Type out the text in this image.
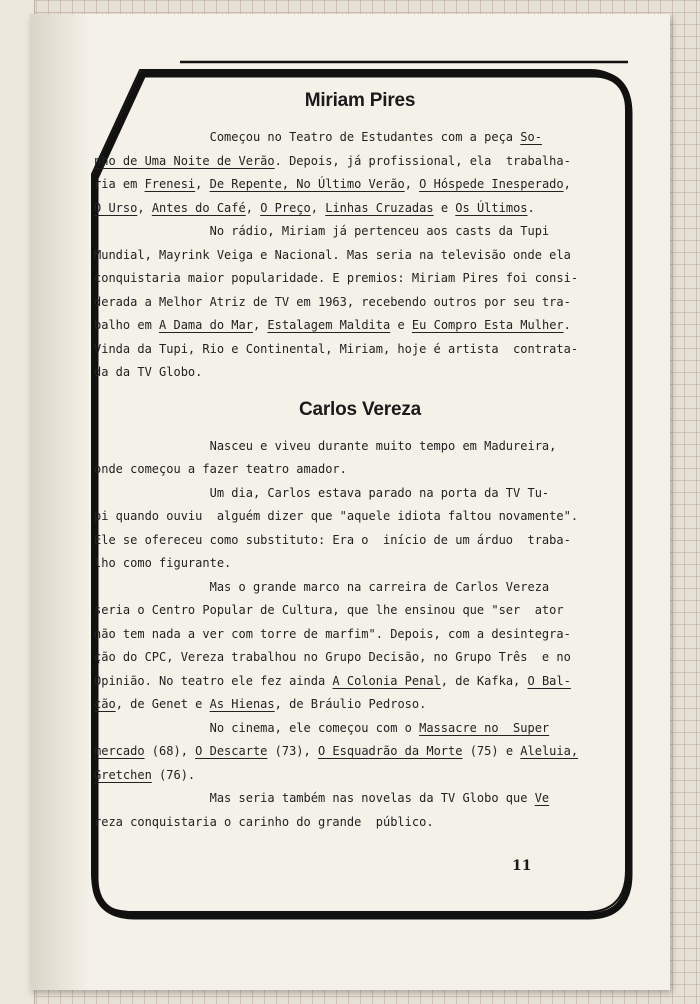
Miriam Pires
Começou no Teatro de Estudantes com a peça So-
nho de Uma Noite de Verão. Depois, já profissional, ela  trabalha-
ria em Frenesi, De Repente, No Último Verão, O Hóspede Inesperado,
O Urso, Antes do Café, O Preço, Linhas Cruzadas e Os Últimos.
No rádio, Miriam já pertenceu aos casts da Tupi
Mundial, Mayrink Veiga e Nacional. Mas seria na televisão onde ela
conquistaria maior popularidade. E premios: Miriam Pires foi consi-
derada a Melhor Atriz de TV em 1963, recebendo outros por seu tra-
balho em A Dama do Mar, Estalagem Maldita e Eu Compro Esta Mulher.
Vinda da Tupi, Rio e Continental, Miriam, hoje é artista  contrata-
da da TV Globo.
Carlos Vereza
Nasceu e viveu durante muito tempo em Madureira,
onde começou a fazer teatro amador.
Um dia, Carlos estava parado na porta da TV Tu-
pi quando ouviu  alguém dizer que "aquele idiota faltou novamente".
Ele se ofereceu como substituto: Era o  início de um árduo  traba-
lho como figurante.
Mas o grande marco na carreira de Carlos Vereza
seria o Centro Popular de Cultura, que lhe ensinou que "ser  ator
não tem nada a ver com torre de marfim". Depois, com a desintegra-
ção do CPC, Vereza trabalhou no Grupo Decisão, no Grupo Três  e no
Opinião. No teatro ele fez ainda A Colonia Penal, de Kafka, O Bal-
cão, de Genet e As Hienas, de Bráulio Pedroso.
No cinema, ele começou com o Massacre no  Super
mercado (68), O Descarte (73), O Esquadrão da Morte (75) e Aleluia,
Gretchen (76).
Mas seria também nas novelas da TV Globo que Ve
reza conquistaria o carinho do grande  público.
11
